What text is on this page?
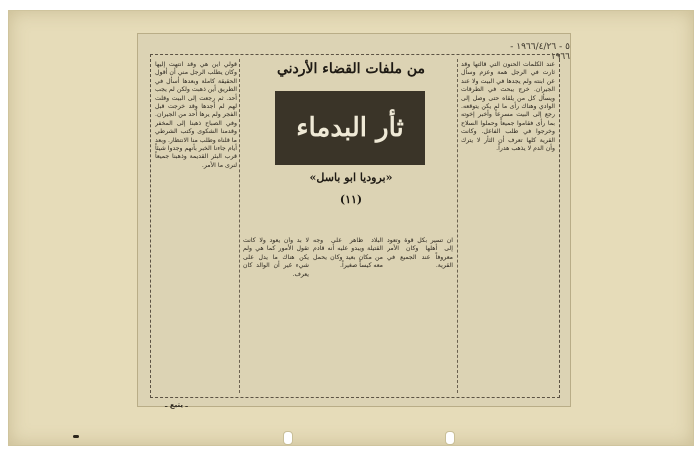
٥ - ١٩٦٦/٤/٢٦ - ١٩٦٦
قولي اين هي وقد انتهت إليها وكان يطلب الرجل مني أن أقول الحقيقة كاملة وبعدها أسأل في الطريق أين ذهبت ولكن لم يجب أحد. ثم رجعت إلى البيت وقلت لهم لم أجدها وقد خرجت قبل الفجر ولم يرها أحد من الجيران. وفي الصباح ذهبنا إلى المخفر وقدمنا الشكوى وكتب الشرطي ما قلناه وطلب منا الانتظار. وبعد أيام جاءنا الخبر بأنهم وجدوا شيئاً قرب البئر القديمة وذهبنا جميعاً لنرى ما الأمر.
لا بد وأن يعود ولا كانت تقول الأمور كما هي ولم يكن هناك ما يدل على شيء غير أن الوالد كان يعرف.
البلاد ظاهر على وجه القتيلة ويبدو عليه أنه قادم من مكان بعيد وكان يحمل معه كيساً صغيراً.
ان تسير بكل قوة وتعود إلى أهلها وكان الأمر معروفاً عند الجميع في القرية.
عند الكلمات الحنون التي قالتها وقد ثارت في الرجل همة وعزم وسأل عن ابنته ولم يجدها في البيت ولا عند الجيران. خرج يبحث في الطرقات ويسأل كل من يلقاه حتى وصل إلى الوادي وهناك رأى ما لم يكن يتوقعه. رجع إلى البيت مسرعاً وأخبر إخوته بما رأى فقاموا جميعاً وحملوا السلاح وخرجوا في طلب الفاعل. وكانت القرية كلها تعرف أن الثأر لا يترك وأن الدم لا يذهب هدراً.
من ملفات القضاء الأردني
ثأر البدماء
«بروديا ابو باسل»
(١١)
ـ يتبع ـ
